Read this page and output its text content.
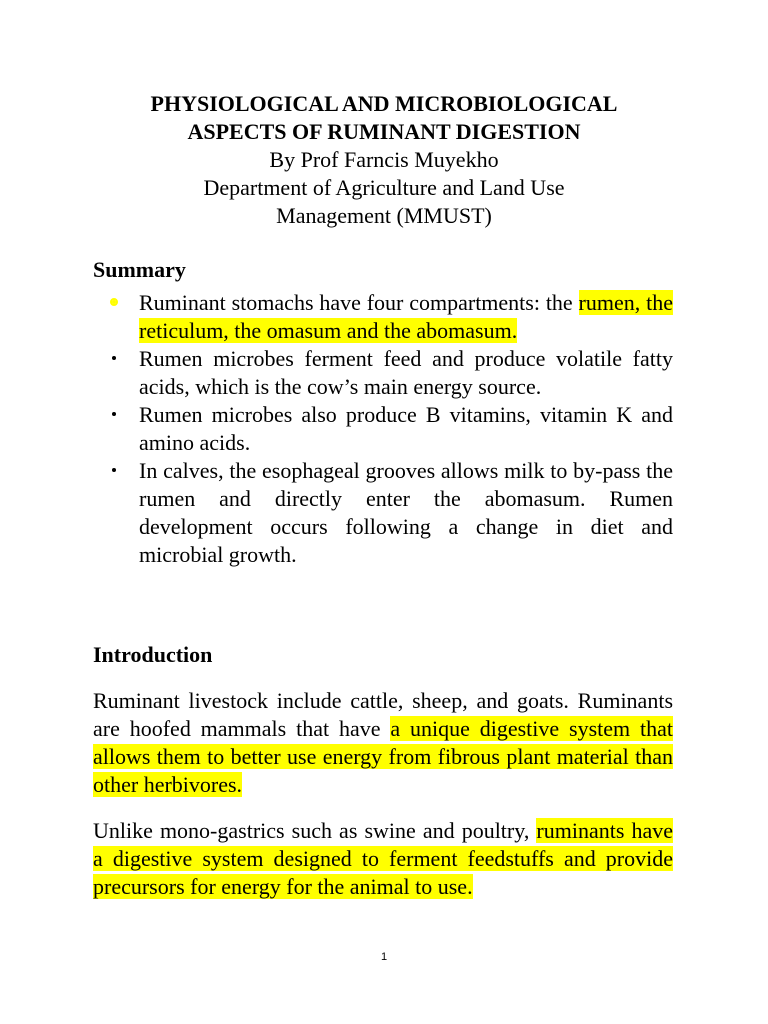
PHYSIOLOGICAL AND MICROBIOLOGICAL
ASPECTS OF RUMINANT DIGESTION
By Prof Farncis Muyekho
Department of Agriculture and Land Use
Management (MMUST)
Summary
Ruminant stomachs have four compartments: the rumen, the reticulum, the omasum and the abomasum.
Rumen microbes ferment feed and produce volatile fatty acids, which is the cow’s main energy source.
Rumen microbes also produce B vitamins, vitamin K and amino acids.
In calves, the esophageal grooves allows milk to by-pass the rumen and directly enter the abomasum. Rumen development occurs following a change in diet and microbial growth.
Introduction
Ruminant livestock include cattle, sheep, and goats. Ruminants are hoofed mammals that have a unique digestive system that allows them to better use energy from fibrous plant material than other herbivores.
Unlike mono-gastrics such as swine and poultry, ruminants have a digestive system designed to ferment feedstuffs and provide precursors for energy for the animal to use.
1
